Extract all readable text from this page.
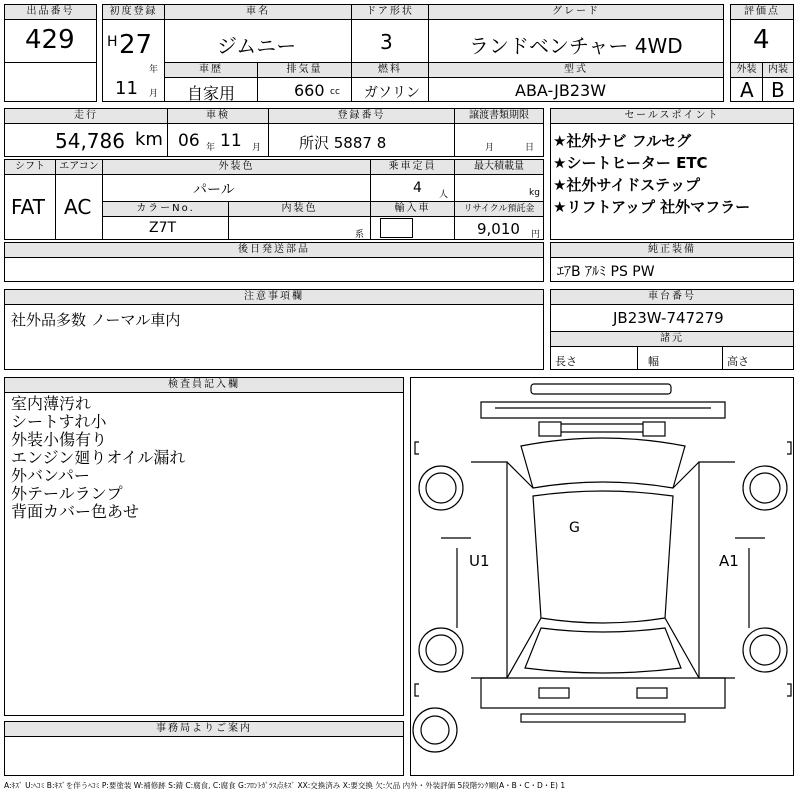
出品番号
429
初度登録
H 27
年
11 月
車名
ジムニー
ドア形状
3
グレード
ランドベンチャー 4WD
評価点
4
車歴
自家用
排気量
660 cc
燃料
ガソリン
型式
ABA-JB23W
外装
A
内装
B
走行
54,786 km
車検
06 年 11 月
登録番号
所沢 5887 8
譲渡書類期限
月	日
シフト
FAT
エアコン
AC
外装色
パール
乗車定員
4 人
最大積載量
kg
カラーNo.
Z7T
内装色
系
輸入車	リサイクル預託金
9,010 円
後日発送部品
セールスポイント
★社外ナビ フルセグ
★シートヒーター ETC
★社外サイドステップ
★リフトアップ 社外マフラー
純正装備
ｴｱB ｱﾙﾐ PS PW
注意事項欄
社外品多数 ノーマル車内
車台番号
JB23W-747279
諸元
長さ	幅	高さ
検査員記入欄
室内薄汚れ
シートすれ小
外装小傷有り
エンジン廻りオイル漏れ
外バンパー
外テールランプ
背面カバー色あせ
事務局よりご案内
U1	A1
G
A:ｷｽﾞ U:ﾍｺﾐ B:ｷｽﾞを伴うﾍｺﾐ P:要塗装 W:補修跡 S:錆 C:腐食, C:腐食 G:ﾌﾛﾝﾄｶﾞﾗｽ点ｷｽﾞ XX:交換済み X:要交換 欠:欠品 内外・外装評価 5段階ﾗﾝｸ順(A・B・C・D・E) 1
